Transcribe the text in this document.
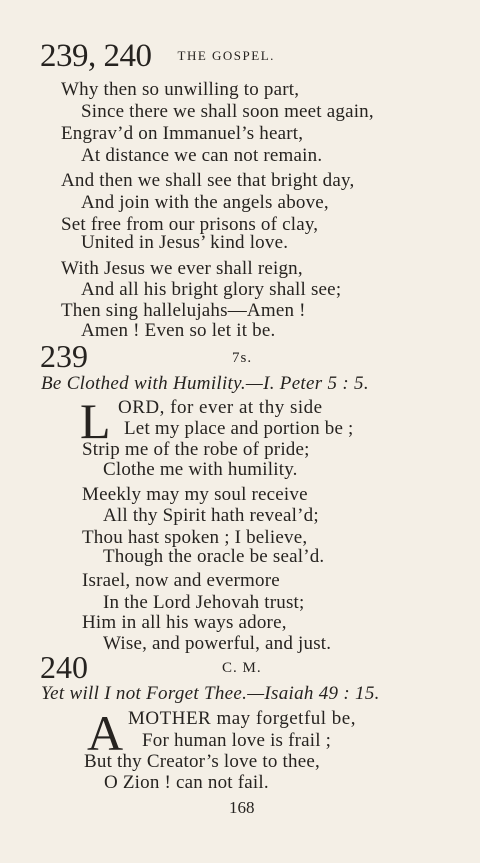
239, 240 $^{THE GOSPEL.}$
Why then so unwilling to part,
Since there we shall soon meet again,
Engrav’d on Immanuel’s heart,
At distance we can not remain.
And then we shall see that bright day,
And join with the angels above,
Set free from our prisons of clay,
United in Jesus’ kind love.
With Jesus we ever shall reign,
And all his bright glory shall see;
Then sing hallelujahs—Amen !
Amen ! Even so let it be.
239	7s.
Be Clothed with Humility.—I. Peter 5 : 5.
L ORD, for ever at thy side
Let my place and portion be ;
Strip me of the robe of pride;
Clothe me with humility.
Meekly may my soul receive
All thy Spirit hath reveal’d;
Thou hast spoken ; I believe,
Though the oracle be seal’d.
Israel, now and evermore
In the Lord Jehovah trust;
Him in all his ways adore,
Wise, and powerful, and just.
240	C. M.
Yet will I not Forget Thee.—Isaiah 49 : 15.
A MOTHER may forgetful be,
For human love is frail ;
But thy Creator’s love to thee,
O Zion ! can not fail.
168
